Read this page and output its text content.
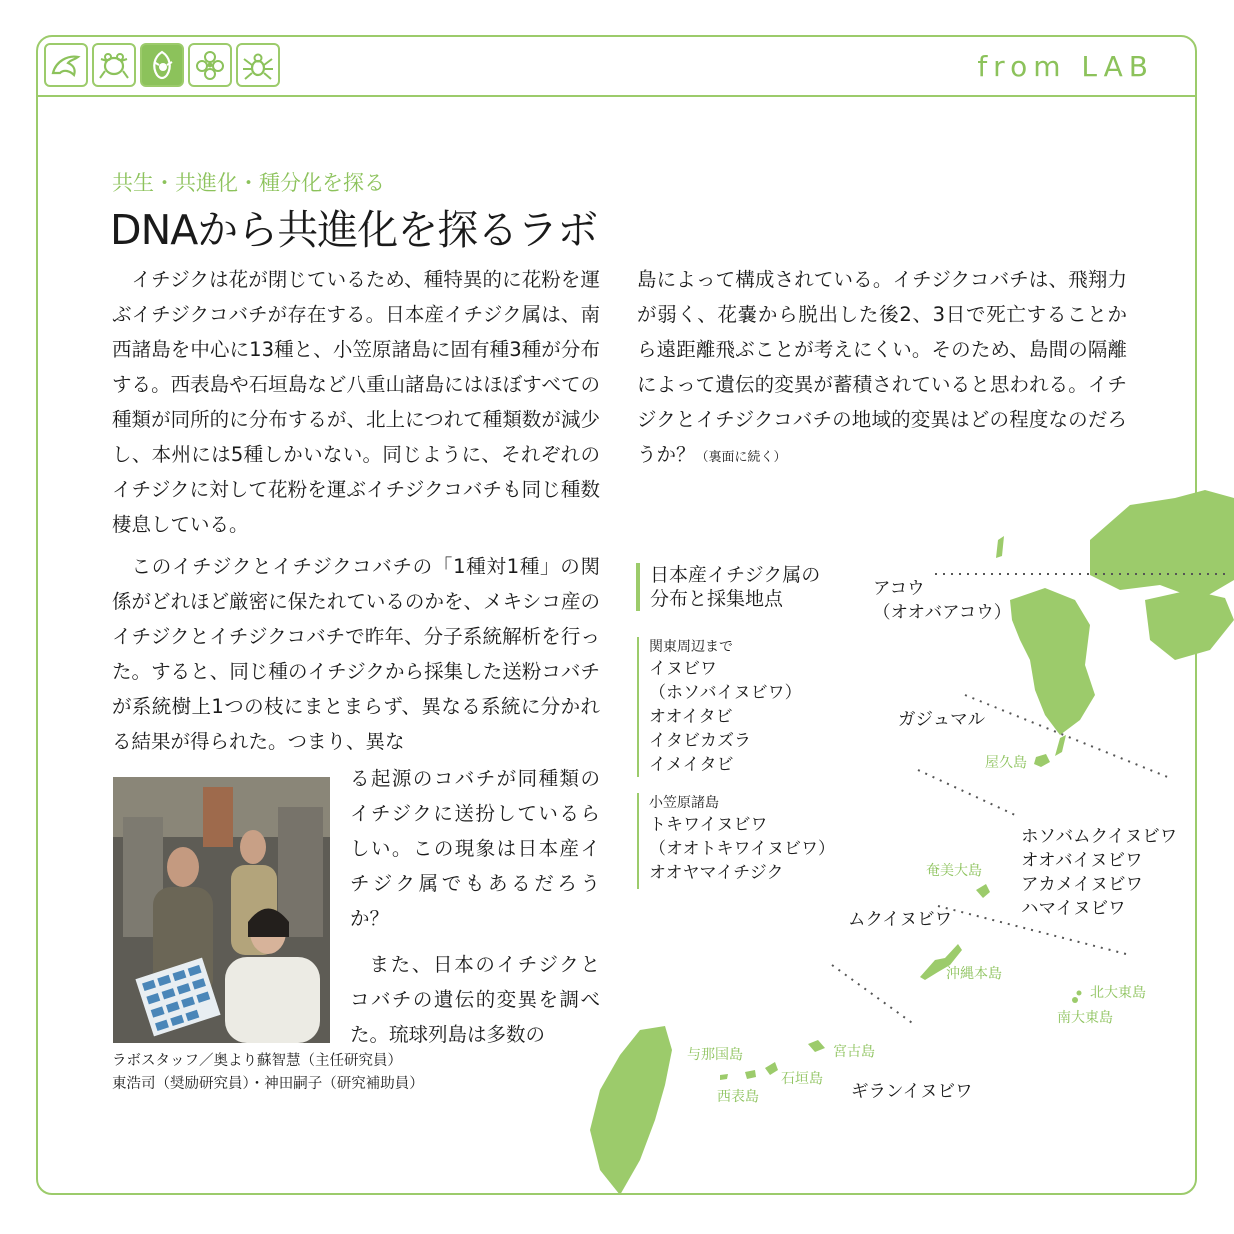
from LAB
共生・共進化・種分化を探る
DNAから共進化を探るラボ

イチジクは花が閉じているため、種特異的に花粉を運ぶイチジクコバチが存在する。日本産イチジク属は、南西諸島を中心に13種と、小笠原諸島に固有種3種が分布する。西表島や石垣島など八重山諸島にはほぼすべての種類が同所的に分布するが、北上につれて種類数が減少し、本州には5種しかいない。同じように、それぞれのイチジクに対して花粉を運ぶイチジクコバチも同じ種数棲息している。

このイチジクとイチジクコバチの「1種対1種」の関係がどれほど厳密に保たれているのかを、メキシコ産のイチジクとイチジクコバチで昨年、分子系統解析を行った。すると、同じ種のイチジクから採集した送粉コバチが系統樹上1つの枝にまとまらず、異なる系統に分かれる結果が得られた。つまり、異な

る起源のコバチが同種類のイチジクに送扮しているらしい。この現象は日本産イチジク属でもあるだろうか？

また、日本のイチジクとコバチの遺伝的変異を調べた。琉球列島は多数の

島によって構成されている。イチジクコバチは、飛翔力が弱く、花嚢から脱出した後2、3日で死亡することから遠距離飛ぶことが考えにくい。そのため、島間の隔離によって遺伝的変異が蓄積されていると思われる。イチジクとイチジクコバチの地域的変異はどの程度なのだろうか？（裏面に続く）

ラボスタッフ／奥より蘇智慧（主任研究員）
東浩司（奨励研究員）・神田嗣子（研究補助員）
日本産イチジク属の
分布と採集地点
関東周辺まで
イヌビワ
（ホソバイヌビワ）
オオイタビ
イタビカズラ
イメイタビ
小笠原諸島
トキワイヌビワ
（オオトキワイヌビワ）
オオヤマイチジク
アコウ
（オオバアコウ）
ガジュマル
ホソバムクイヌビワ
オオバイヌビワ
アカメイヌビワ
ハマイヌビワ
ムクイヌビワ
ギランイヌビワ
屋久島
奄美大島
沖縄本島
北大東島
南大東島
宮古島
与那国島
石垣島
西表島
